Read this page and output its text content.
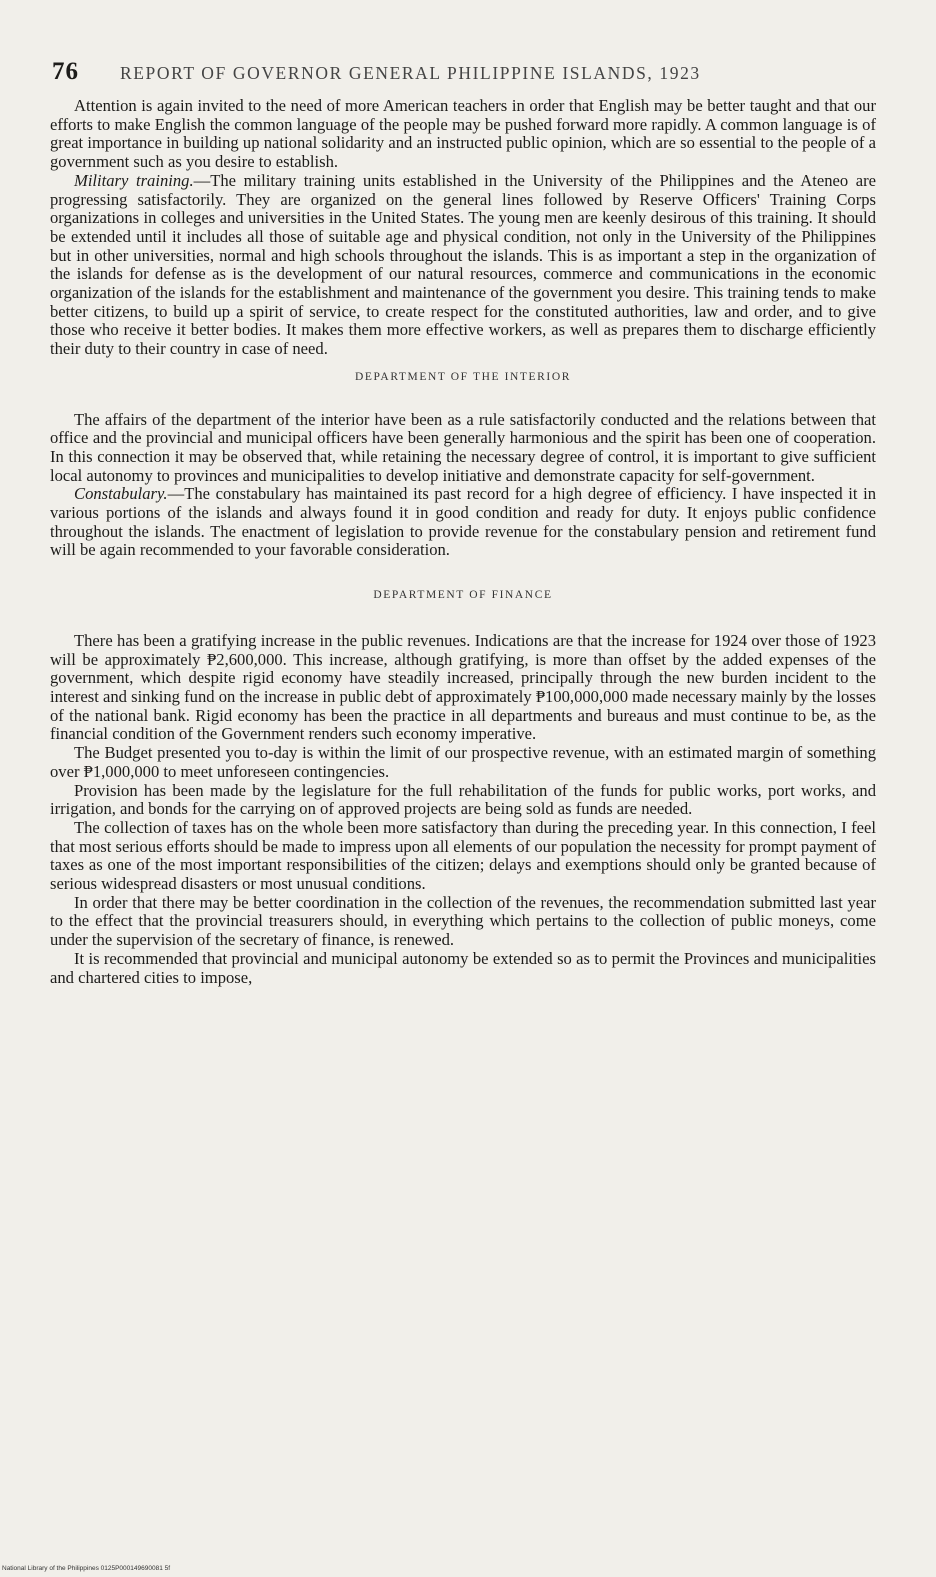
76	REPORT OF GOVERNOR GENERAL PHILIPPINE ISLANDS, 1923

Attention is again invited to the need of more American teachers in order that English may be better taught and that our efforts to make English the common language of the people may be pushed forward more rapidly. A common language is of great importance in building up national solidarity and an instructed public opinion, which are so essential to the people of a government such as you desire to establish.

Military training.—The military training units established in the University of the Philippines and the Ateneo are progressing satisfactorily. They are organized on the general lines followed by Reserve Officers' Training Corps organizations in colleges and universities in the United States. The young men are keenly desirous of this training. It should be extended until it includes all those of suitable age and physical condition, not only in the University of the Philippines but in other universities, normal and high schools throughout the islands. This is as important a step in the organization of the islands for defense as is the development of our natural resources, commerce and communications in the economic organization of the islands for the establishment and maintenance of the government you desire. This training tends to make better citizens, to build up a spirit of service, to create respect for the constituted authorities, law and order, and to give those who receive it better bodies. It makes them more effective workers, as well as prepares them to discharge efficiently their duty to their country in case of need.

DEPARTMENT OF THE INTERIOR

The affairs of the department of the interior have been as a rule satisfactorily conducted and the relations between that office and the provincial and municipal officers have been generally harmonious and the spirit has been one of cooperation. In this connection it may be observed that, while retaining the necessary degree of control, it is important to give sufficient local autonomy to provinces and municipalities to develop initiative and demonstrate capacity for self-government.

Constabulary.—The constabulary has maintained its past record for a high degree of efficiency. I have inspected it in various portions of the islands and always found it in good condition and ready for duty. It enjoys public confidence throughout the islands. The enactment of legislation to provide revenue for the constabulary pension and retirement fund will be again recommended to your favorable consideration.

DEPARTMENT OF FINANCE

There has been a gratifying increase in the public revenues. Indications are that the increase for 1924 over those of 1923 will be approximately ₱2,600,000. This increase, although gratifying, is more than offset by the added expenses of the government, which despite rigid economy have steadily increased, principally through the new burden incident to the interest and sinking fund on the increase in public debt of approximately ₱100,000,000 made necessary mainly by the losses of the national bank. Rigid economy has been the practice in all departments and bureaus and must continue to be, as the financial condition of the Government renders such economy imperative.

The Budget presented you to-day is within the limit of our prospective revenue, with an estimated margin of something over ₱1,000,000 to meet unforeseen contingencies.

Provision has been made by the legislature for the full rehabilitation of the funds for public works, port works, and irrigation, and bonds for the carrying on of approved projects are being sold as funds are needed.

The collection of taxes has on the whole been more satisfactory than during the preceding year. In this connection, I feel that most serious efforts should be made to impress upon all elements of our population the necessity for prompt payment of taxes as one of the most important responsibilities of the citizen; delays and exemptions should only be granted because of serious widespread disasters or most unusual conditions.

In order that there may be better coordination in the collection of the revenues, the recommendation submitted last year to the effect that the provincial treasurers should, in everything which pertains to the collection of public moneys, come under the supervision of the secretary of finance, is renewed.

It is recommended that provincial and municipal autonomy be extended so as to permit the Provinces and municipalities and chartered cities to impose,

National Library of the Philippines 0125P000149690081 5f
